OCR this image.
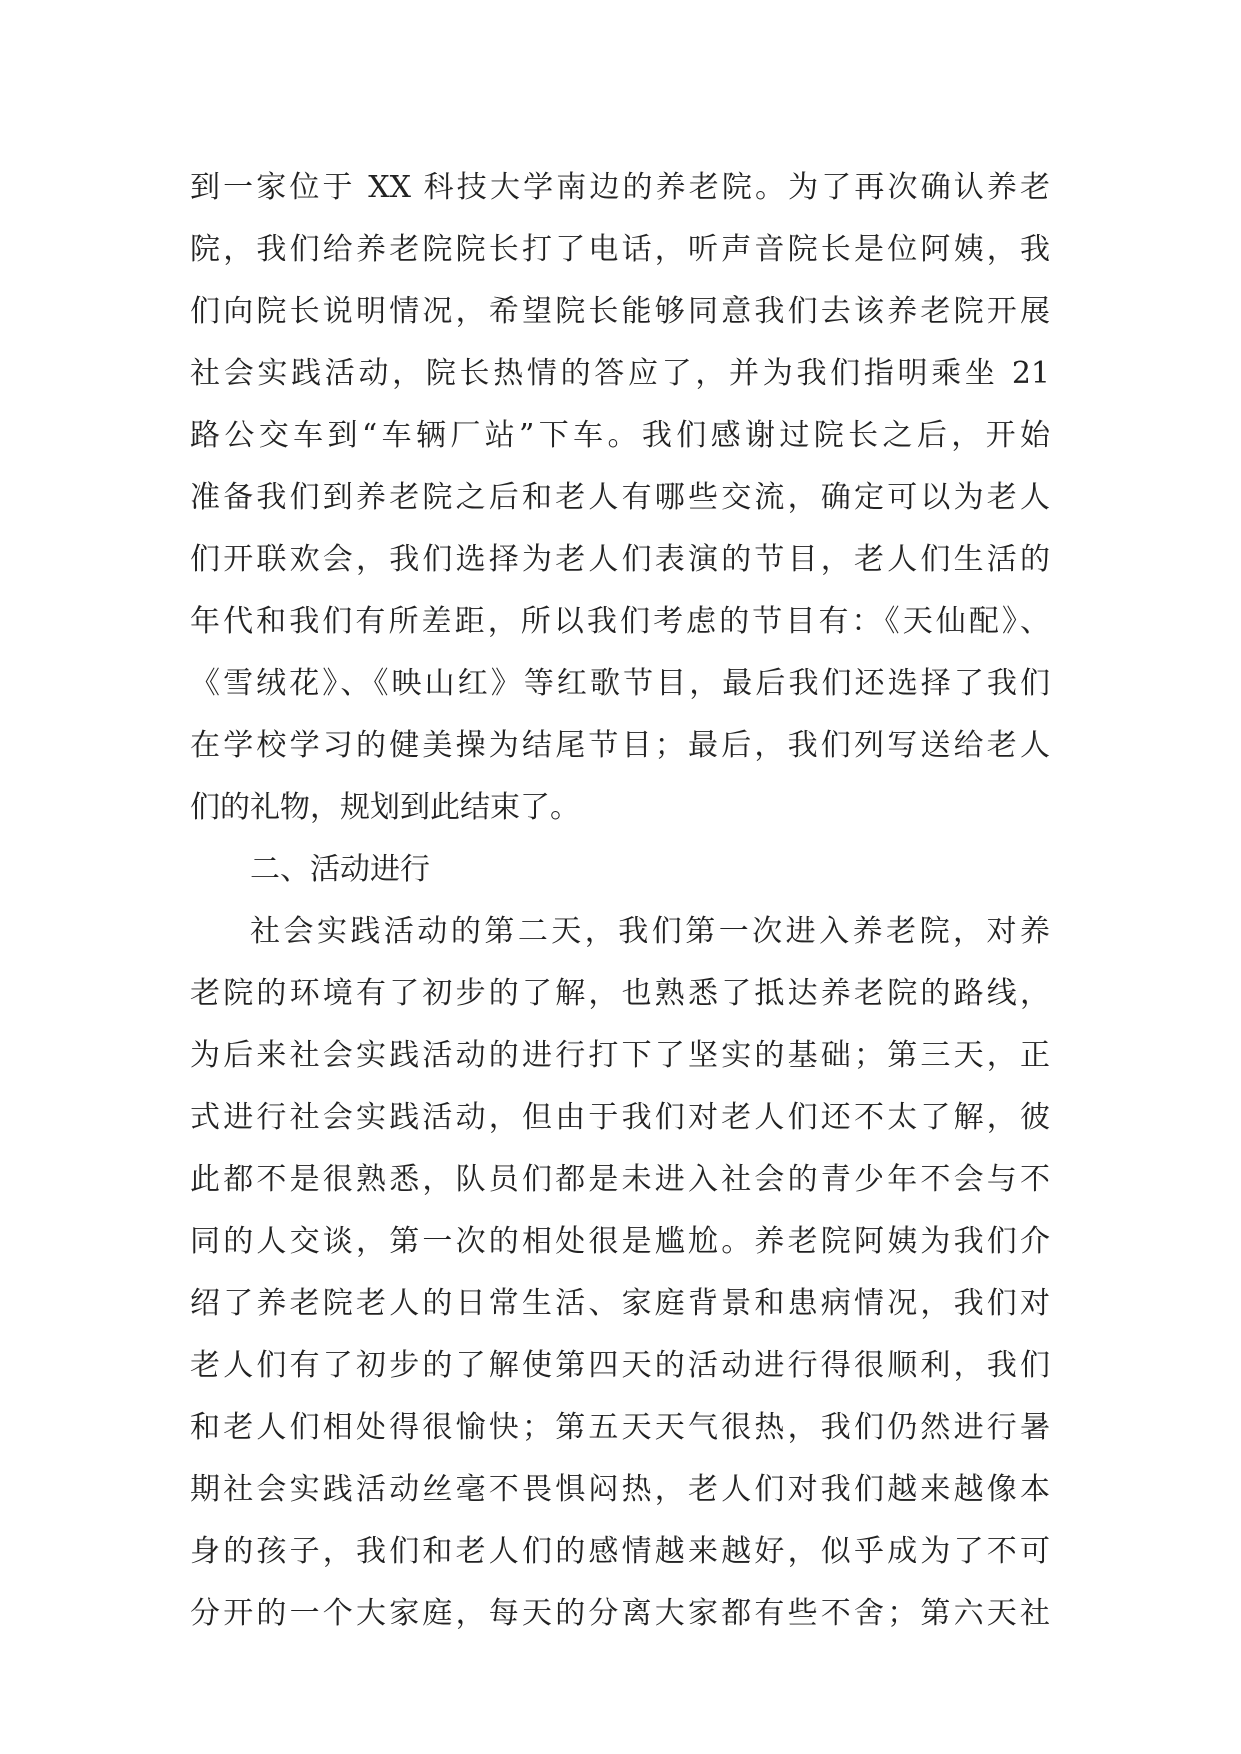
到一家位于 XX 科技大学南边的养老院。为了再次确认养老
院，我们给养老院院长打了电话，听声音院长是位阿姨，我
们向院长说明情况，希望院长能够同意我们去该养老院开展
社会实践活动，院长热情的答应了，并为我们指明乘坐 21
路公交车到“车辆厂站”下车。我们感谢过院长之后，开始
准备我们到养老院之后和老人有哪些交流，确定可以为老人
们开联欢会，我们选择为老人们表演的节目，老人们生活的
年代和我们有所差距，所以我们考虑的节目有：《天仙配》、
《雪绒花》、《映山红》等红歌节目，最后我们还选择了我们
在学校学习的健美操为结尾节目；最后，我们列写送给老人
们的礼物，规划到此结束了。
二、活动进行
社会实践活动的第二天，我们第一次进入养老院，对养
老院的环境有了初步的了解，也熟悉了抵达养老院的路线，
为后来社会实践活动的进行打下了坚实的基础；第三天，正
式进行社会实践活动，但由于我们对老人们还不太了解，彼
此都不是很熟悉，队员们都是未进入社会的青少年不会与不
同的人交谈，第一次的相处很是尴尬。养老院阿姨为我们介
绍了养老院老人的日常生活、家庭背景和患病情况，我们对
老人们有了初步的了解使第四天的活动进行得很顺利，我们
和老人们相处得很愉快；第五天天气很热，我们仍然进行暑
期社会实践活动丝毫不畏惧闷热，老人们对我们越来越像本
身的孩子，我们和老人们的感情越来越好，似乎成为了不可
分开的一个大家庭，每天的分离大家都有些不舍；第六天社
